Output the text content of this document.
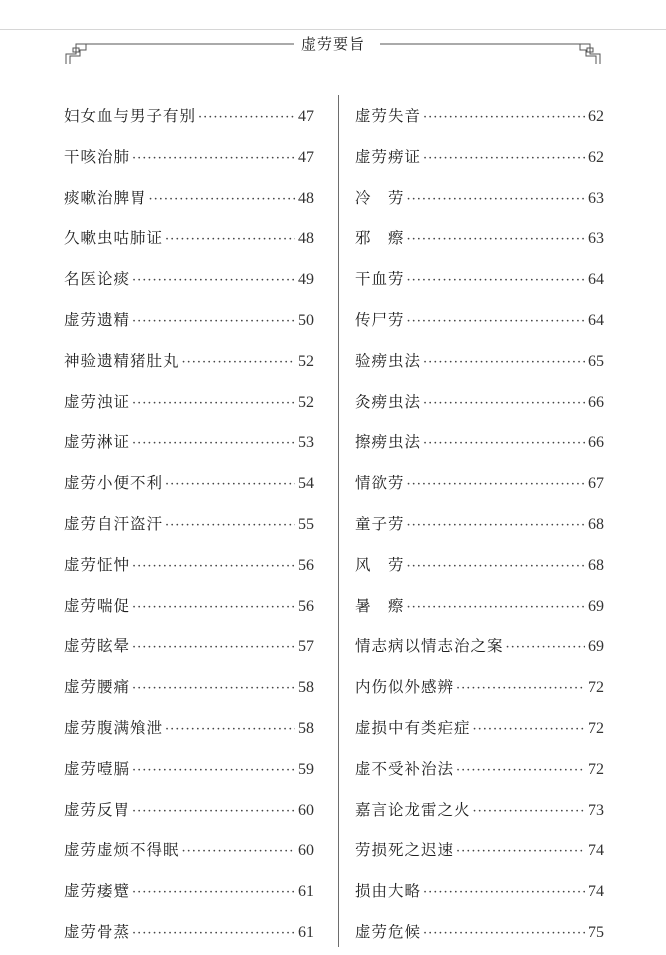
虚劳要旨
妇女血与男子有别 ·····	47
干咳治肺 ·····	47
痰嗽治脾胃 ·····	48
久嗽虫咕肺证 ·····	48
名医论痰 ·····	49
虚劳遗精 ·····	50
神验遗精猪肚丸 ·····	52
虚劳浊证 ·····	52
虚劳淋证 ·····	53
虚劳小便不利 ·····	54
虚劳自汗盗汗 ·····	55
虚劳怔忡 ·····	56
虚劳喘促 ·····	56
虚劳眩晕 ·····	57
虚劳腰痛 ·····	58
虚劳腹满飧泄 ·····	58
虚劳噎膈 ·····	59
虚劳反胃 ·····	60
虚劳虚烦不得眠 ·····	60
虚劳痿躄 ·····	61
虚劳骨蒸 ·····	61
虚劳失音 ·····	62
虚劳痨证 ·····	62
冷　劳 ·····	63
邪　瘵 ·····	63
干血劳 ·····	64
传尸劳 ·····	64
验痨虫法 ·····	65
灸痨虫法 ·····	66
擦痨虫法 ·····	66
情欲劳 ·····	67
童子劳 ·····	68
风　劳 ·····	68
暑　瘵 ·····	69
情志病以情志治之案 ·····	69
内伤似外感辨 ·····	72
虚损中有类疟症 ·····	72
虚不受补治法 ·····	72
嘉言论龙雷之火 ·····	73
劳损死之迟速 ·····	74
损由大略 ·····	74
虚劳危候 ·····	75
